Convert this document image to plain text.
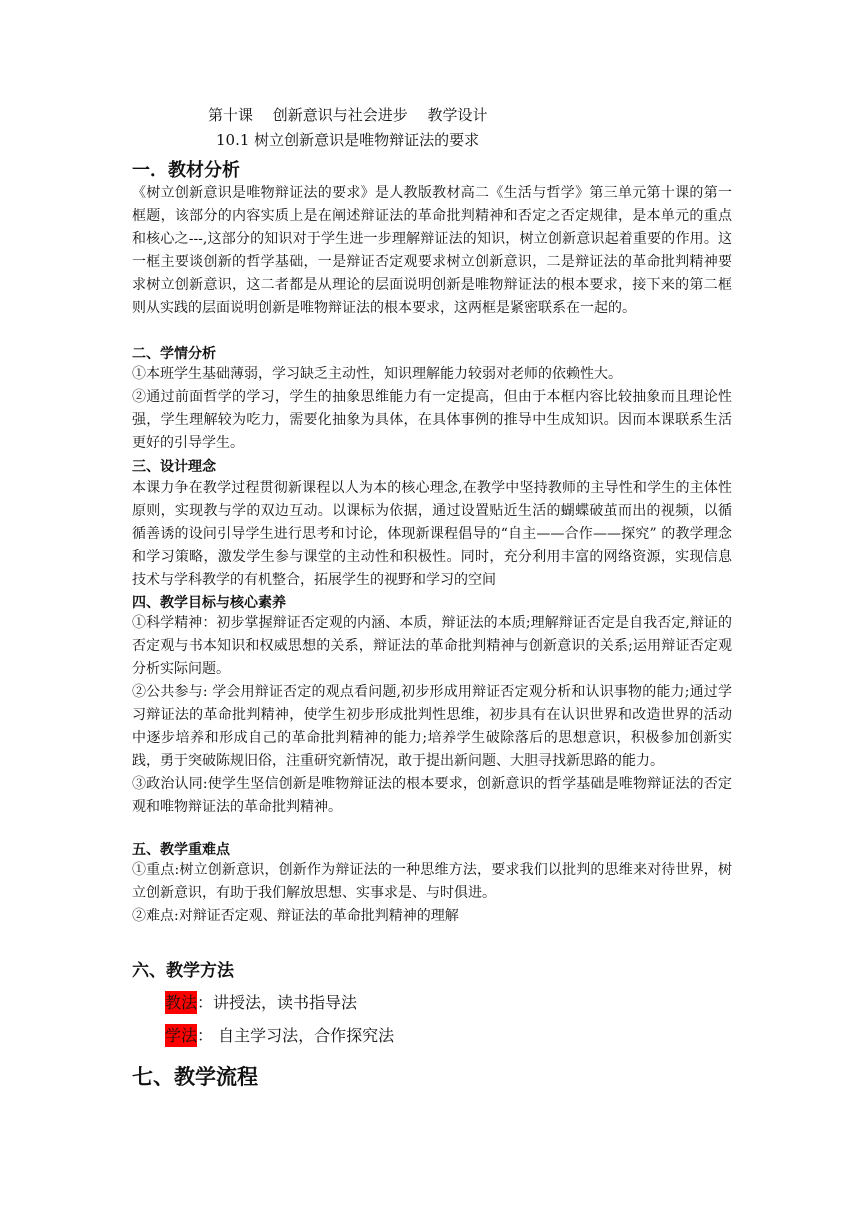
第十课　 创新意识与社会进步　 教学设计
10.1 树立创新意识是唯物辩证法的要求
一．教材分析

《树立创新意识是唯物辩证法的要求》是人教版教材高二《生活与哲学》第三单元第十课的第一框题，该部分的内容实质上是在阐述辩证法的革命批判精神和否定之否定规律，是本单元的重点和核心之---,这部分的知识对于学生进一步理解辩证法的知识，树立创新意识起着重要的作用。这一框主要谈创新的哲学基础，一是辩证否定观要求树立创新意识，二是辩证法的革命批判精神要求树立创新意识，这二者都是从理论的层面说明创新是唯物辩证法的根本要求，接下来的第二框则从实践的层面说明创新是唯物辩证法的根本要求，这两框是紧密联系在一起的。

二、学情分析

①本班学生基础薄弱，学习缺乏主动性，知识理解能力较弱对老师的依赖性大。

②通过前面哲学的学习，学生的抽象思维能力有一定提高，但由于本框内容比较抽象而且理论性强，学生理解较为吃力，需要化抽象为具体，在具体事例的推导中生成知识。因而本课联系生活更好的引导学生。

三、设计理念

本课力争在教学过程贯彻新课程以人为本的核心理念,在教学中坚持教师的主导性和学生的主体性原则，实现教与学的双边互动。以课标为依据，通过设置贴近生活的蝴蝶破茧而出的视频，以循循善诱的设问引导学生进行思考和讨论，体现新课程倡导的“自主——合作——探究” 的教学理念和学习策略，激发学生参与课堂的主动性和积极性。同时，充分利用丰富的网络资源，实现信息技术与学科教学的有机整合，拓展学生的视野和学习的空间

四、教学目标与核心素养

①科学精神：初步掌握辩证否定观的内涵、本质，辩证法的本质;理解辩证否定是自我否定,辩证的否定观与书本知识和权威思想的关系，辩证法的革命批判精神与创新意识的关系;运用辩证否定观分析实际问题。

②公共参与: 学会用辩证否定的观点看问题,初步形成用辩证否定观分析和认识事物的能力;通过学习辩证法的革命批判精神，使学生初步形成批判性思维，初步具有在认识世界和改造世界的活动中逐步培养和形成自己的革命批判精神的能力;培养学生破除落后的思想意识，积极参加创新实践，勇于突破陈规旧俗，注重研究新情况，敢于提出新问题、大胆寻找新思路的能力。

③政治认同:使学生坚信创新是唯物辩证法的根本要求，创新意识的哲学基础是唯物辩证法的否定观和唯物辩证法的革命批判精神。

五、教学重难点

①重点:树立创新意识，创新作为辩证法的一种思维方法，要求我们以批判的思维来对待世界，树立创新意识，有助于我们解放思想、实事求是、与时俱进。

②难点:对辩证否定观、辩证法的革命批判精神的理解

六、教学方法
教法：讲授法，读书指导法
学法： 自主学习法，合作探究法
七、教学流程
